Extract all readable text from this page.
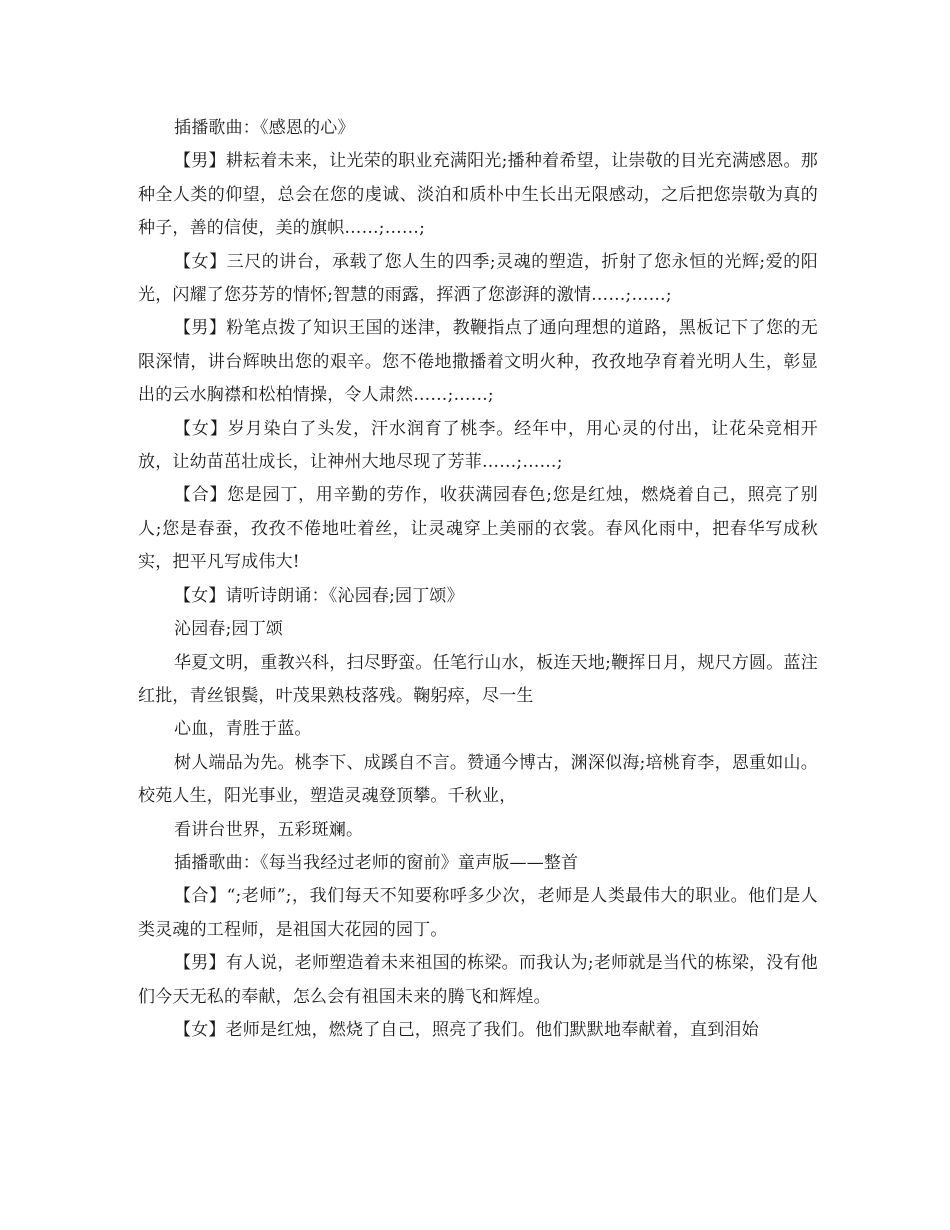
插播歌曲：《感恩的心》

【男】耕耘着未来，让光荣的职业充满阳光;播种着希望，让崇敬的目光充满感恩。那种全人类的仰望，总会在您的虔诚、淡泊和质朴中生长出无限感动，之后把您崇敬为真的种子，善的信使，美的旗帜……;……;

【女】三尺的讲台，承载了您人生的四季;灵魂的塑造，折射了您永恒的光辉;爱的阳光，闪耀了您芬芳的情怀;智慧的雨露，挥洒了您澎湃的激情……;……;

【男】粉笔点拨了知识王国的迷津，教鞭指点了通向理想的道路，黑板记下了您的无限深情，讲台辉映出您的艰辛。您不倦地撒播着文明火种，孜孜地孕育着光明人生，彰显出的云水胸襟和松柏情操，令人肃然……;……;

【女】岁月染白了头发，汗水润育了桃李。经年中，用心灵的付出，让花朵竞相开放，让幼苗茁壮成长，让神州大地尽现了芳菲……;……;

【合】您是园丁，用辛勤的劳作，收获满园春色;您是红烛，燃烧着自己，照亮了别人;您是春蚕，孜孜不倦地吐着丝，让灵魂穿上美丽的衣裳。春风化雨中，把春华写成秋实，把平凡写成伟大!

【女】请听诗朗诵：《沁园春;园丁颂》

沁园春;园丁颂

华夏文明，重教兴科，扫尽野蛮。任笔行山水，板连天地;鞭挥日月，规尺方圆。蓝注红批，青丝银鬓，叶茂果熟枝落残。鞠躬瘁，尽一生

心血，青胜于蓝。

树人端品为先。桃李下、成蹊自不言。赞通今博古，渊深似海;培桃育李，恩重如山。校苑人生，阳光事业，塑造灵魂登顶攀。千秋业，

看讲台世界，五彩斑斓。

插播歌曲：《每当我经过老师的窗前》童声版——整首

【合】“;老师”;，我们每天不知要称呼多少次，老师是人类最伟大的职业。他们是人类灵魂的工程师，是祖国大花园的园丁。

【男】有人说，老师塑造着未来祖国的栋梁。而我认为;老师就是当代的栋梁，没有他们今天无私的奉献，怎么会有祖国未来的腾飞和辉煌。

【女】老师是红烛，燃烧了自己，照亮了我们。他们默默地奉献着，直到泪始
